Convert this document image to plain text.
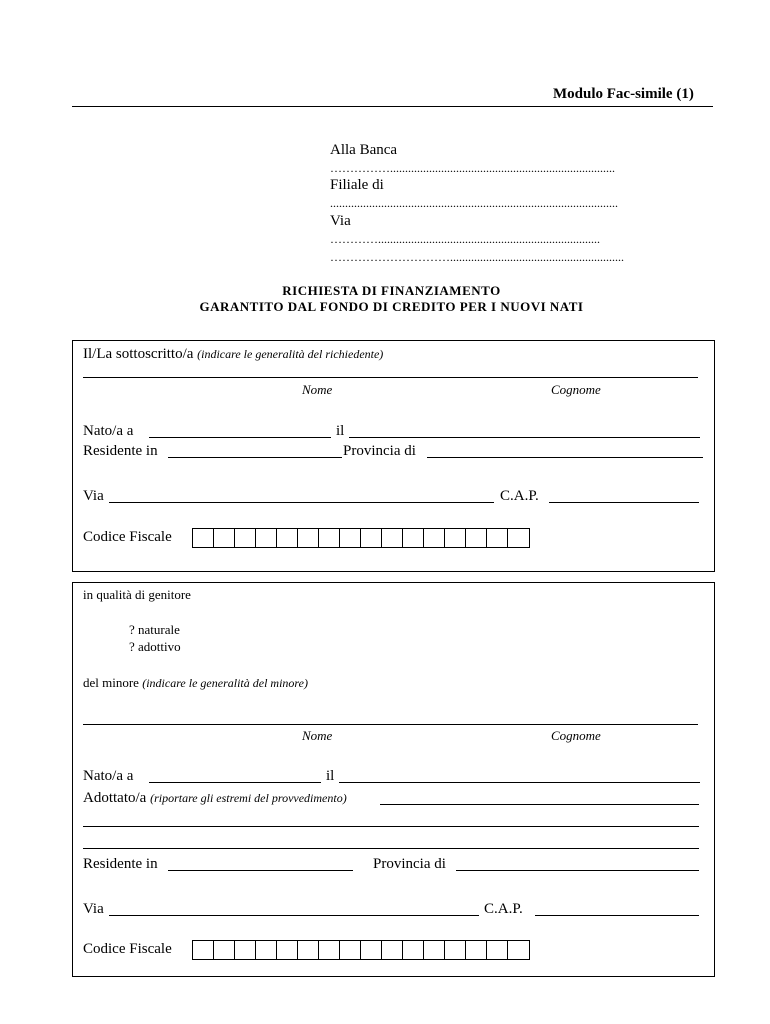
Modulo Fac-simile (1)
Alla Banca
……………...........................................................................
Filiale di
................................................................................................
Via
…………..........................................................................
…………………………..........................................................
RICHIESTA DI FINANZIAMENTO
GARANTITO DAL FONDO DI CREDITO PER I NUOVI NATI
Il/La sottoscritto/a (indicare le generalità del richiedente)
Nome	Cognome
Nato/a a	il
Residente in	Provincia di
Via	C.A.P.
Codice Fiscale
in qualità di genitore
? naturale
? adottivo
del minore (indicare le generalità del minore)
Nome	Cognome
Nato/a a	il
Adottato/a (riportare gli estremi del provvedimento)
Residente in	Provincia di
Via	C.A.P.
Codice Fiscale
